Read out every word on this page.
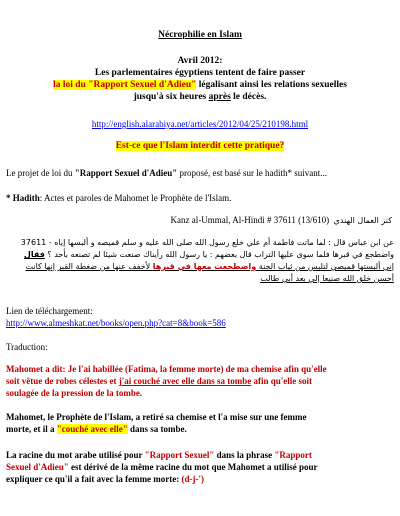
Nécrophilie en Islam
Avril 2012:
Les parlementaires égyptiens tentent de faire passer
la loi du "Rapport Sexuel d'Adieu" légalisant ainsi les relations sexuelles
jusqu'à six heures après le décès.
http://english.alarabiya.net/articles/2012/04/25/210198.html
Est-ce que l'Islam interdit cette pratique?
Le projet de loi du "Rapport Sexuel d'Adieu" proposé, est basé sur le hadith* suivant...
* Hadith: Actes et paroles de Mahomet le Prophète de l'Islam.
Kanz al-Ummal, Al-Hindi # 37611 (13/610) كنز العمال الهندي
عن ابن عباس قال : لما ماتت فاطمة أم علي خلع رسول الله صلى الله عليه و سلم قميصه و ألبسها إياه - 37611
واضطجع في قبرها فلما سوى عليها التراب قال بعضهم : يا رسول الله رأيناك صنعت شيئا لم تصنعه بأحد ؟ فقال
إني ألبستها قميصي لتلبس من ثياب الجنة واضطجعت معها في قبرها لأخفف عنها من ضغطة القبر إنها كانت
أحسن خلق الله صنيعا إلي بعد أبي طالب
Lien de téléchargement:
http://www.almeshkat.net/books/open.php?cat=8&book=586
Traduction:
Mahomet a dit: Je l'ai habillée (Fatima, la femme morte) de ma chemise afin qu'elle
soit vêtue de robes célestes et j'ai couché avec elle dans sa tombe afin qu'elle soit
soulagée de la pression de la tombe.
Mahomet, le Prophète de l'Islam, a retiré sa chemise et l'a mise sur une femme
morte, et il a "couché avec elle" dans sa tombe.
La racine du mot arabe utilisé pour "Rapport Sexuel" dans la phrase "Rapport
Sexuel d'Adieu" est dérivé de la même racine du mot que Mahomet a utilisé pour
expliquer ce qu'il a fait avec la femme morte: (d-j-')
